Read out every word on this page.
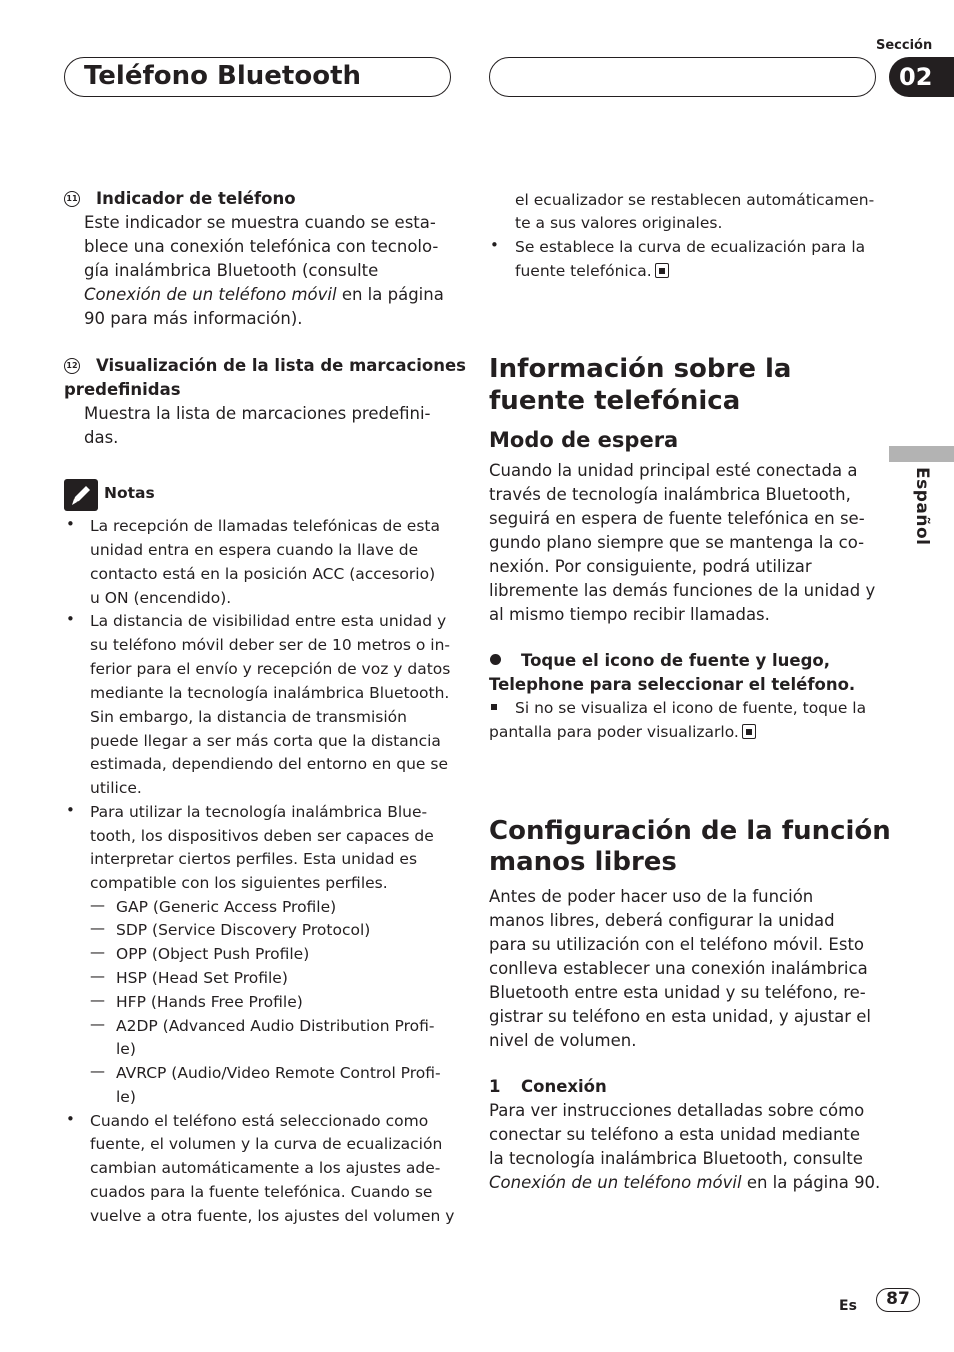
Teléfono Bluetooth
Sección
02
Español
11 Indicador de teléfono
Este indicador se muestra cuando se esta-
blece una conexión telefónica con tecnolo-
gía inalámbrica Bluetooth (consulte
Conexión de un teléfono móvil en la página
90 para más información).
12 Visualización de la lista de marcaciones
predefinidas
Muestra la lista de marcaciones predefini-
das.
Notas
• La recepción de llamadas telefónicas de esta
unidad entra en espera cuando la llave de
contacto está en la posición ACC (accesorio)
u ON (encendido).
• La distancia de visibilidad entre esta unidad y
su teléfono móvil deber ser de 10 metros o in-
ferior para el envío y recepción de voz y datos
mediante la tecnología inalámbrica Bluetooth.
Sin embargo, la distancia de transmisión
puede llegar a ser más corta que la distancia
estimada, dependiendo del entorno en que se
utilice.
• Para utilizar la tecnología inalámbrica Blue-
tooth, los dispositivos deben ser capaces de
interpretar ciertos perfiles. Esta unidad es
compatible con los siguientes perfiles.
— GAP (Generic Access Profile)
— SDP (Service Discovery Protocol)
— OPP (Object Push Profile)
— HSP (Head Set Profile)
— HFP (Hands Free Profile)
— A2DP (Advanced Audio Distribution Profi-
le)
— AVRCP (Audio/Video Remote Control Profi-
le)
• Cuando el teléfono está seleccionado como
fuente, el volumen y la curva de ecualización
cambian automáticamente a los ajustes ade-
cuados para la fuente telefónica. Cuando se
vuelve a otra fuente, los ajustes del volumen y
el ecualizador se restablecen automáticamen-
te a sus valores originales.
• Se establece la curva de ecualización para la
fuente telefónica.
Información sobre la
fuente telefónica
Modo de espera
Cuando la unidad principal esté conectada a
través de tecnología inalámbrica Bluetooth,
seguirá en espera de fuente telefónica en se-
gundo plano siempre que se mantenga la co-
nexión. Por consiguiente, podrá utilizar
libremente las demás funciones de la unidad y
al mismo tiempo recibir llamadas.
Toque el icono de fuente y luego,
Telephone para seleccionar el teléfono.
Si no se visualiza el icono de fuente, toque la
pantalla para poder visualizarlo.
Configuración de la función
manos libres
Antes de poder hacer uso de la función
manos libres, deberá configurar la unidad
para su utilización con el teléfono móvil. Esto
conlleva establecer una conexión inalámbrica
Bluetooth entre esta unidad y su teléfono, re-
gistrar su teléfono en esta unidad, y ajustar el
nivel de volumen.
1 Conexión
Para ver instrucciones detalladas sobre cómo
conectar su teléfono a esta unidad mediante
la tecnología inalámbrica Bluetooth, consulte
Conexión de un teléfono móvil en la página 90.
Es	87
